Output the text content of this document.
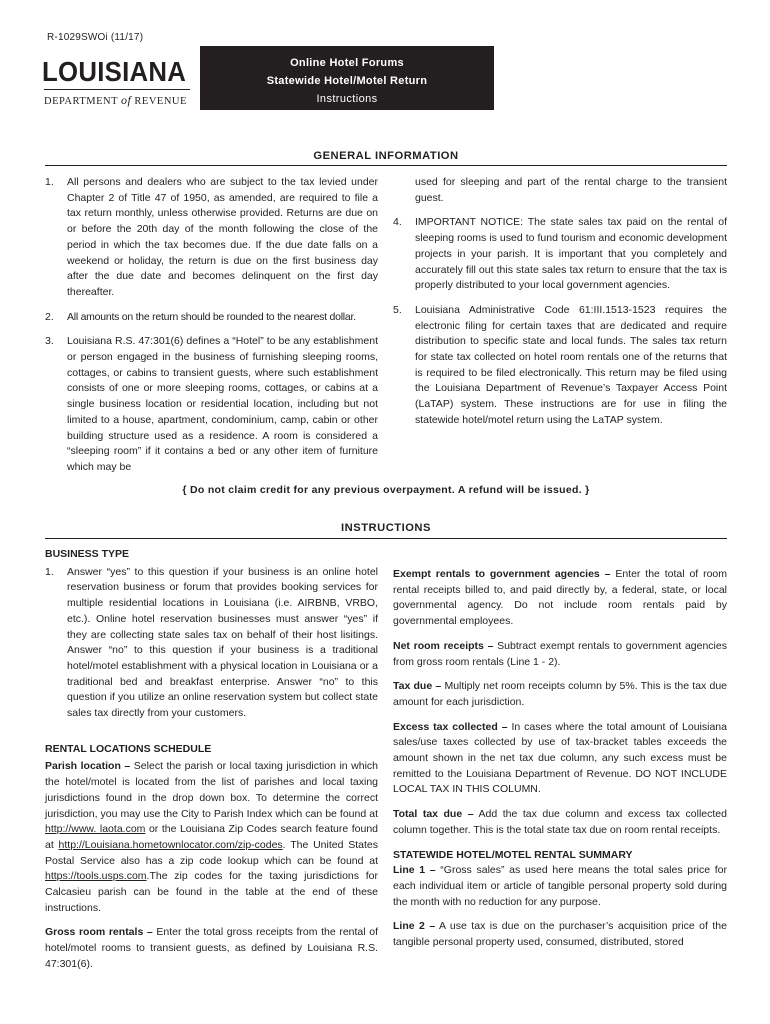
R-1029SWOi (11/17)
LOUISIANA
DEPARTMENT of REVENUE
Online Hotel Forums
Statewide Hotel/Motel Return
Instructions
GENERAL INFORMATION
1.	All persons and dealers who are subject to the tax levied under Chapter 2 of Title 47 of 1950, as amended, are required to file a tax return monthly, unless otherwise provided. Returns are due on or before the 20th day of the month following the close of the period in which the tax becomes due. If the due date falls on a weekend or holiday, the return is due on the first business day after the due date and becomes delinquent on the first day thereafter.
2.	All amounts on the return should be rounded to the nearest dollar.
3.	Louisiana R.S. 47:301(6) defines a “Hotel” to be any establishment or person engaged in the business of furnishing sleeping rooms, cottages, or cabins to transient guests, where such establishment consists of one or more sleeping rooms, cottages, or cabins at a single business location or residential location, including but not limited to a house, apartment, condominium, camp, cabin or other building structure used as a residence. A room is considered a “sleeping room” if it contains a bed or any other item of furniture which may be
used for sleeping and part of the rental charge to the transient guest.
4.	IMPORTANT NOTICE: The state sales tax paid on the rental of sleeping rooms is used to fund tourism and economic development projects in your parish. It is important that you completely and accurately fill out this state sales tax return to ensure that the tax is properly distributed to your local government agencies.
5.	Louisiana Administrative Code 61:III.1513-1523 requires the electronic filing for certain taxes that are dedicated and require distribution to specific state and local funds. The sales tax return for state tax collected on hotel room rentals one of the returns that is required to be filed electronically. This return may be filed using the Louisiana Department of Revenue’s Taxpayer Access Point (LaTAP) system. These instructions are for use in filing the statewide hotel/motel return using the LaTAP system.
{ Do not claim credit for any previous overpayment. A refund will be issued. }
INSTRUCTIONS
BUSINESS TYPE
1.	Answer “yes” to this question if your business is an online hotel reservation business or forum that provides booking services for multiple residential locations in Louisiana (i.e. AIRBNB, VRBO, etc.). Online hotel reservation businesses must answer “yes” if they are collecting state sales tax on behalf of their host lisitings. Answer “no” to this question if your business is a traditional hotel/motel establishment with a physical location in Louisiana or a traditional bed and breakfast enterprise. Answer “no” to this question if you utilize an online reservation system but collect state sales tax directly from your customers.
RENTAL LOCATIONS SCHEDULE

Parish location – Select the parish or local taxing jurisdiction in which the hotel/motel is located from the list of parishes and local taxing jurisdictions found in the drop down box. To determine the correct jurisdiction, you may use the City to Parish Index which can be found at http://www. laota.com or the Louisiana Zip Codes search feature found at http://Louisiana.hometownlocator.com/zip-codes. The United States Postal Service also has a zip code lookup which can be found at https://tools.usps.com.The zip codes for the taxing jurisdictions for Calcasieu parish can be found in the table at the end of these instructions.

Gross room rentals – Enter the total gross receipts from the rental of hotel/motel rooms to transient guests, as defined by Louisiana R.S. 47:301(6).

Exempt rentals to government agencies – Enter the total of room rental receipts billed to, and paid directly by, a federal, state, or local governmental agency. Do not include room rentals paid by governmental employees.

Net room receipts – Subtract exempt rentals to government agencies from gross room rentals (Line 1 - 2).

Tax due – Multiply net room receipts column by 5%. This is the tax due amount for each jurisdiction.

Excess tax collected – In cases where the total amount of Louisiana sales/use taxes collected by use of tax-bracket tables exceeds the amount shown in the net tax due column, any such excess must be remitted to the Louisiana Department of Revenue. DO NOT INCLUDE LOCAL TAX IN THIS COLUMN.

Total tax due – Add the tax due column and excess tax collected column together. This is the total state tax due on room rental receipts.

STATEWIDE HOTEL/MOTEL RENTAL SUMMARY

Line 1 – “Gross sales” as used here means the total sales price for each individual item or article of tangible personal property sold during the month with no reduction for any purpose.

Line 2 – A use tax is due on the purchaser’s acquisition price of the tangible personal property used, consumed, distributed, stored
